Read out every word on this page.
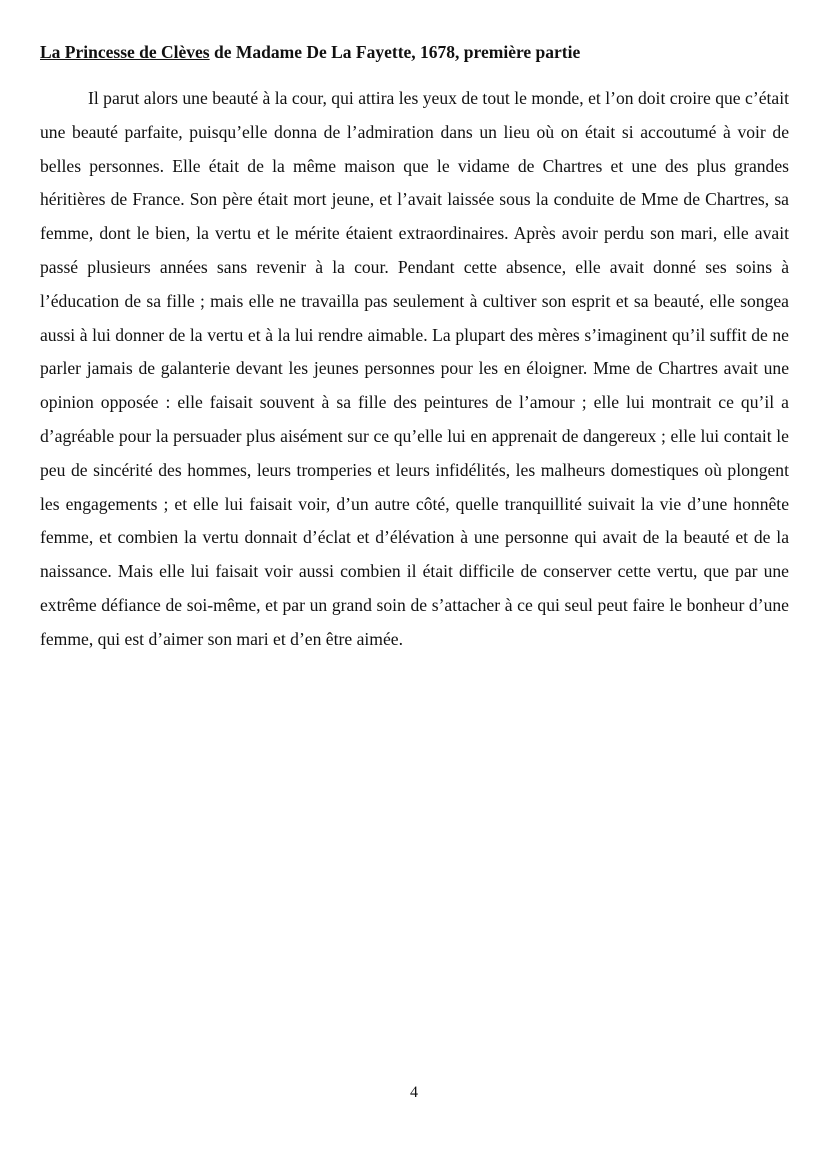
La Princesse de Clèves de Madame De La Fayette, 1678, première partie

Il parut alors une beauté à la cour, qui attira les yeux de tout le monde, et l’on doit croire que c’était une beauté parfaite, puisqu’elle donna de l’admiration dans un lieu où on était si accoutumé à voir de belles personnes. Elle était de la même maison que le vidame de Chartres et une des plus grandes héritières de France. Son père était mort jeune, et l’avait laissée sous la conduite de Mme de Chartres, sa femme, dont le bien, la vertu et le mérite étaient extraordinaires. Après avoir perdu son mari, elle avait passé plusieurs années sans revenir à la cour. Pendant cette absence, elle avait donné ses soins à l’éducation de sa fille ; mais elle ne travailla pas seulement à cultiver son esprit et sa beauté, elle songea aussi à lui donner de la vertu et à la lui rendre aimable. La plupart des mères s’imaginent qu’il suffit de ne parler jamais de galanterie devant les jeunes personnes pour les en éloigner. Mme de Chartres avait une opinion opposée : elle faisait souvent à sa fille des peintures de l’amour ; elle lui montrait ce qu’il a d’agréable pour la persuader plus aisément sur ce qu’elle lui en apprenait de dangereux ; elle lui contait le peu de sincérité des hommes, leurs tromperies et leurs infidélités, les malheurs domestiques où plongent les engagements ; et elle lui faisait voir, d’un autre côté, quelle tranquillité suivait la vie d’une honnête femme, et combien la vertu donnait d’éclat et d’élévation à une personne qui avait de la beauté et de la naissance. Mais elle lui faisait voir aussi combien il était difficile de conserver cette vertu, que par une extrême défiance de soi-même, et par un grand soin de s’attacher à ce qui seul peut faire le bonheur d’une femme, qui est d’aimer son mari et d’en être aimée.

4
